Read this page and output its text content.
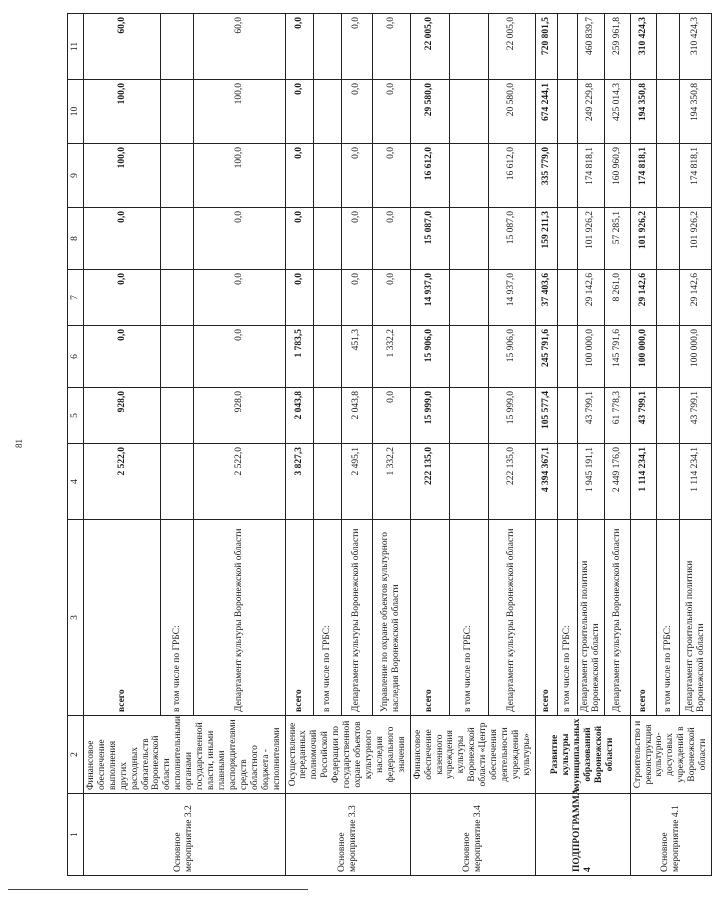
81
1	2	3	4	5	6	7	8	9	10	11
Основное мероприятие 3.2	Финансовое обеспечение выполнения других расходных обязательств Воронежской области исполнительными органами государственной власти, иными главными распорядителями средств областного бюджета - исполнителями	всего	2 522,0	928,0	0,0	0,0	0,0	100,0	100,0	60,0
		в том числе по ГРБС:								
		Департамент культуры Воронежской области	2 522,0	928,0	0,0	0,0	0,0	100,0	100,0	60,0
Основное мероприятие 3.3	Осуществление переданных полномочий Российской Федерации по государственной охране объектов культурного наследия федерального значения	всего	3 827,3	2 043,8	1 783,5	0,0	0,0	0,0	0,0	0,0
		в том числе по ГРБС:								
		Департамент культуры Воронежской области	2 495,1	2 043,8	451,3	0,0	0,0	0,0	0,0	0,0
		Управление по охране объектов культурного наследия Воронежской области	1 332,2	0,0	1 332,2	0,0	0,0	0,0	0,0	0,0
Основное мероприятие 3.4	Финансовое обеспечение казенного учреждения культуры Воронежской области «Центр обеспечения деятельности учреждений культуры»	всего	222 135,0	15 999,0	15 906,0	14 937,0	15 087,0	16 612,0	29 580,0	22 005,0
		в том числе по ГРБС:								
		Департамент культуры Воронежской области	222 135,0	15 999,0	15 906,0	14 937,0	15 087,0	16 612,0	20 580,0	22 005,0
ПОДПРОГРАММА 4	Развитие культуры муниципальных образований Воронежской области	всего	4 394 367,1	105 577,4	245 791,6	37 403,6	159 211,3	335 779,0	674 244,1	720 801,5
		в том числе по ГРБС:								
		Департамент строительной политики Воронежской области	1 945 191,1	43 799,1	100 000,0	29 142,6	101 926,2	174 818,1	249 229,8	460 839,7
		Департамент культуры Воронежской области	2 449 176,0	61 778,3	145 791,6	8 261,0	57 285,1	160 960,9	425 014,3	259 961,8
Основное мероприятие 4.1	Строительство и реконструкция культурно-досуговых учреждений в Воронежской области	всего	1 114 234,1	43 799,1	100 000,0	29 142,6	101 926,2	174 818,1	194 350,8	310 424,3
		в том числе по ГРБС:								
		Департамент строительной политики Воронежской области	1 114 234,1	43 799,1	100 000,0	29 142,6	101 926,2	174 818,1	194 350,8	310 424,3
